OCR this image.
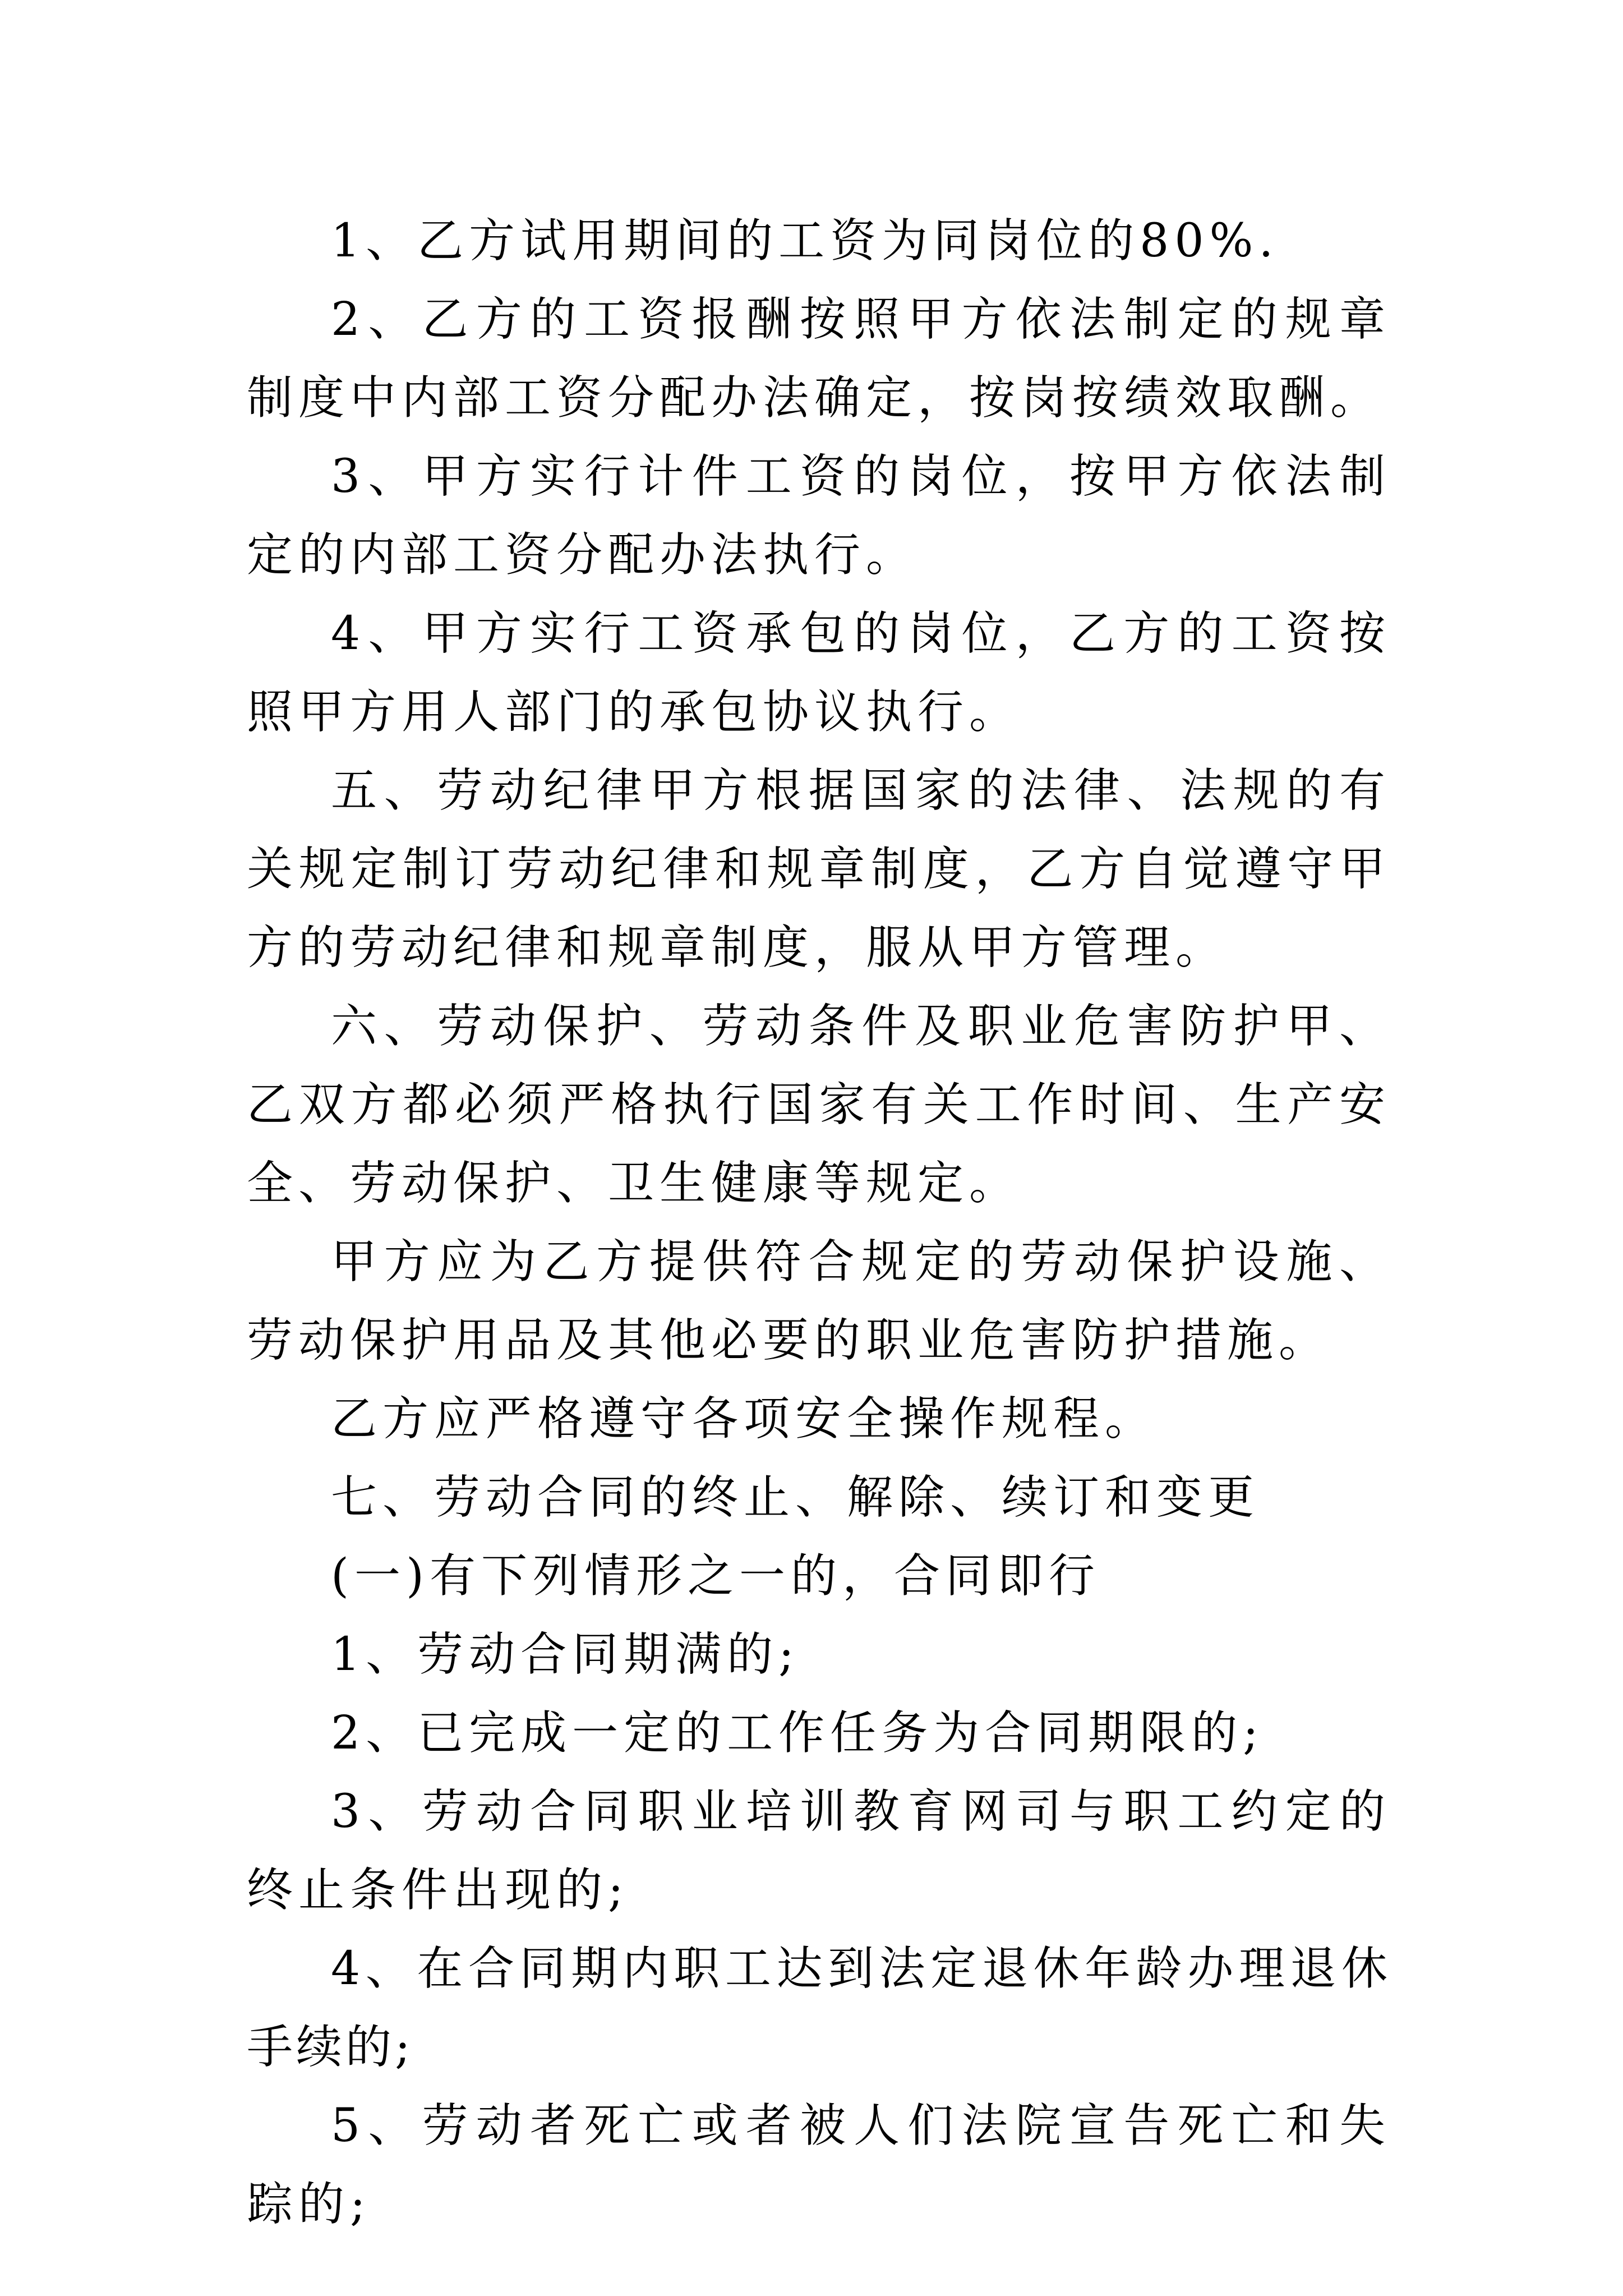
1、乙方试用期间的工资为同岗位的80%.

2、乙方的工资报酬按照甲方依法制定的规章制度中内部工资分配办法确定，按岗按绩效取酬。

3、甲方实行计件工资的岗位，按甲方依法制定的内部工资分配办法执行。

4、甲方实行工资承包的岗位，乙方的工资按照甲方用人部门的承包协议执行。

五、劳动纪律甲方根据国家的法律、法规的有关规定制订劳动纪律和规章制度，乙方自觉遵守甲方的劳动纪律和规章制度，服从甲方管理。

六、劳动保护、劳动条件及职业危害防护甲、乙双方都必须严格执行国家有关工作时间、生产安全、劳动保护、卫生健康等规定。

甲方应为乙方提供符合规定的劳动保护设施、劳动保护用品及其他必要的职业危害防护措施。

乙方应严格遵守各项安全操作规程。

七、劳动合同的终止、解除、续订和变更

(一)有下列情形之一的，合同即行

1、劳动合同期满的;

2、已完成一定的工作任务为合同期限的;

3、劳动合同职业培训教育网司与职工约定的终止条件出现的;

4、在合同期内职工达到法定退休年龄办理退休手续的;

5、劳动者死亡或者被人们法院宣告死亡和失踪的;
